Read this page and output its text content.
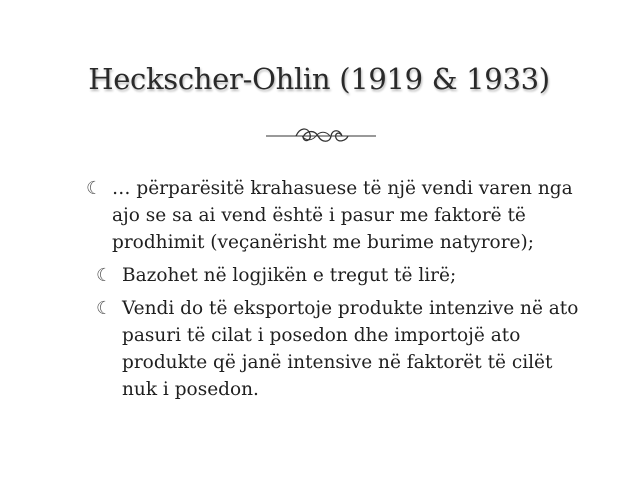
Heckscher-Ohlin (1919 & 1933)
☾ … përparësitë krahasuese të një vendi varen nga ajo se sa ai vend është i pasur me faktorë të prodhimit (veçanërisht me burime natyrore);
☾ Bazohet në logjikën e tregut të lirë;
☾ Vendi do të eksportoje produkte intenzive në ato pasuri të cilat i posedon dhe importojë ato produkte që janë intensive në faktorët të cilët nuk i posedon.
